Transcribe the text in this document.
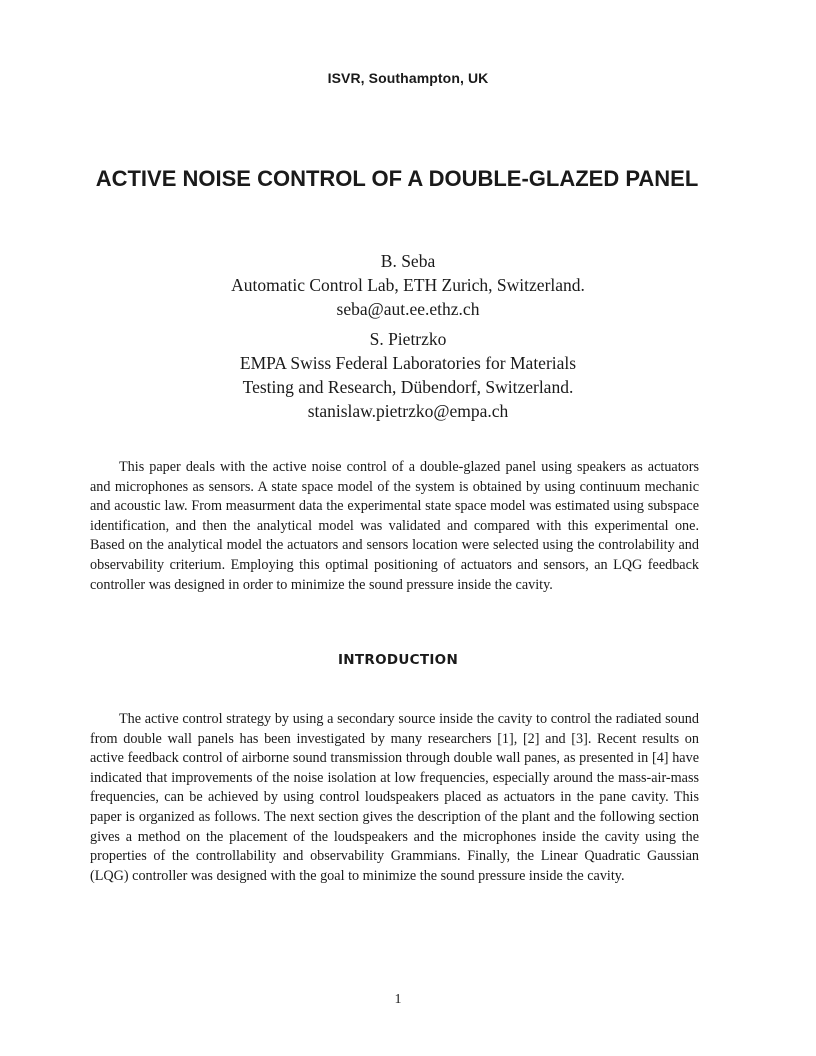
ISVR, Southampton, UK
ACTIVE NOISE CONTROL OF A DOUBLE-GLAZED PANEL
B. Seba
Automatic Control Lab, ETH Zurich, Switzerland.
seba@aut.ee.ethz.ch
S. Pietrzko
EMPA Swiss Federal Laboratories for Materials
Testing and Research, Dübendorf, Switzerland.
stanislaw.pietrzko@empa.ch

This paper deals with the active noise control of a double-glazed panel using speakers as actuators and microphones as sensors. A state space model of the system is obtained by using continuum mechanic and acoustic law. From measurment data the experimental state space model was estimated using subspace identification, and then the analytical model was validated and compared with this experimental one. Based on the analytical model the actuators and sensors location were selected using the controlability and observability criterium. Employing this optimal positioning of actuators and sensors, an LQG feedback controller was designed in order to minimize the sound pressure inside the cavity.

INTRODUCTION

The active control strategy by using a secondary source inside the cavity to control the radiated sound from double wall panels has been investigated by many researchers [1], [2] and [3]. Recent results on active feedback control of airborne sound transmission through double wall panes, as presented in [4] have indicated that improvements of the noise isolation at low frequencies, especially around the mass-air-mass frequencies, can be achieved by using control loudspeakers placed as actuators in the pane cavity. This paper is organized as follows. The next section gives the description of the plant and the following section gives a method on the placement of the loudspeakers and the microphones inside the cavity using the properties of the controllability and observability Grammians. Finally, the Linear Quadratic Gaussian (LQG) controller was designed with the goal to minimize the sound pressure inside the cavity.

1
